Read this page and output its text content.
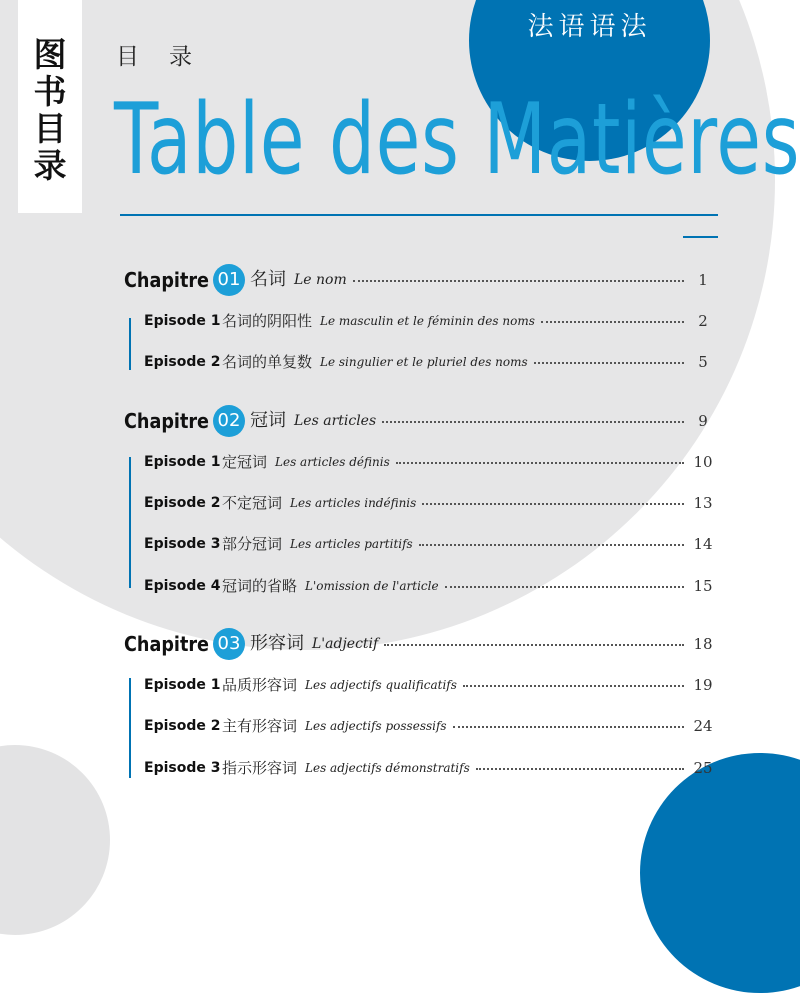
图
书
目
录
法语语法
目录
Table des Matières
Chapitre 01 名词 Le nom	1
Episode 1 名词的阴阳性 Le masculin et le féminin des noms	2
Episode 2 名词的单复数 Le singulier et le pluriel des noms	5
Chapitre 02 冠词 Les articles	9
Episode 1 定冠词 Les articles définis	10
Episode 2 不定冠词 Les articles indéfinis	13
Episode 3 部分冠词 Les articles partitifs	14
Episode 4 冠词的省略 L'omission de l'article	15
Chapitre 03 形容词 L'adjectif	18
Episode 1 品质形容词 Les adjectifs qualificatifs	19
Episode 2 主有形容词 Les adjectifs possessifs	24
Episode 3 指示形容词 Les adjectifs démonstratifs	25
